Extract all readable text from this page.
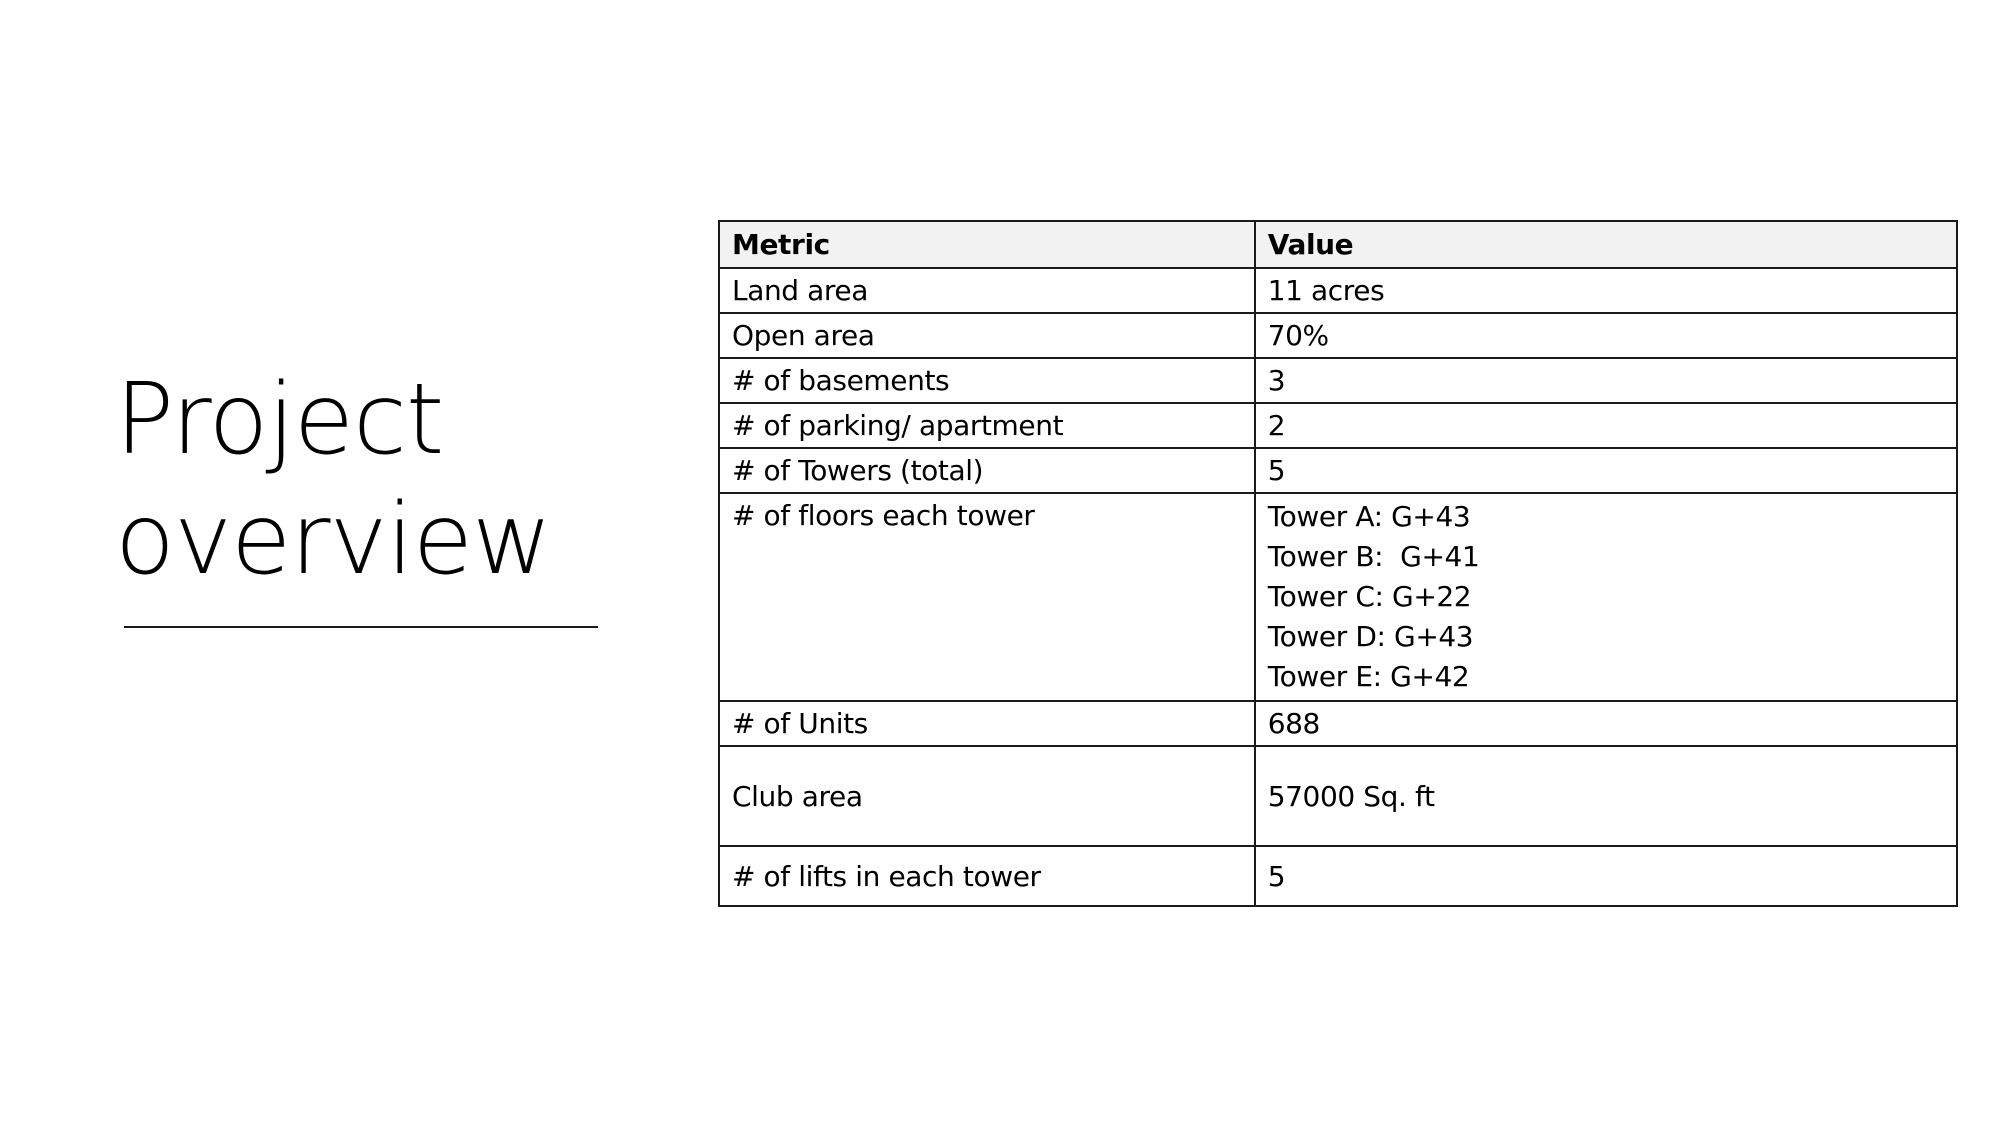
Project
overview
Metric	Value
Land area	11 acres
Open area	70%
# of basements	3
# of parking/ apartment	2
# of Towers (total)	5
# of floors each tower	Tower A: G+43
Tower B:  G+41
Tower C: G+22
Tower D: G+43
Tower E: G+42

# of Units	688
Club area	57000 Sq. ft
# of lifts in each tower	5
